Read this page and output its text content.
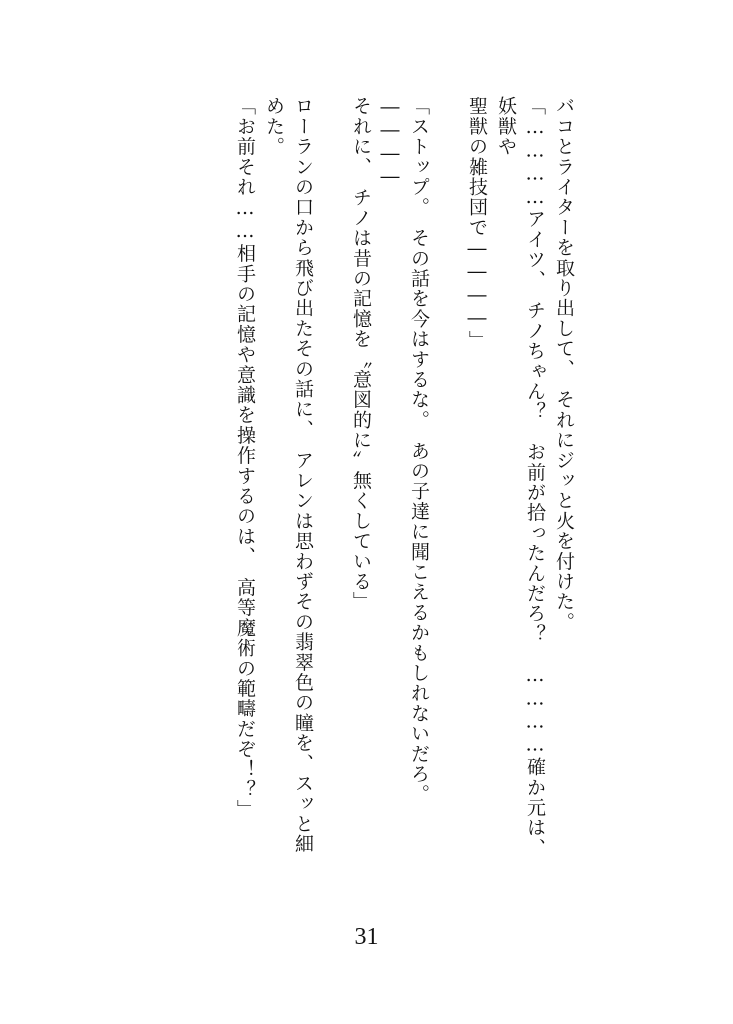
バコとライターを取り出して、　それにジッと火を付けた。

「…………アイツ、　チノちゃん？　お前が拾ったんだろ？　…………確か元は、　妖獣や

聖獣の雑技団で――――」

「ストップ。　その話を今はするな。　あの子達に聞こえるかもしれないだろ。　――――

それに、　チノは昔の記憶を〝意図的に〟無くしている」

ローランの口から飛び出たその話に、　アレンは思わずその翡翠色の瞳を、スッと細めた。

「お前それ……相手の記憶や意識を操作するのは、　高等魔術の範疇だぞ！？」

31
